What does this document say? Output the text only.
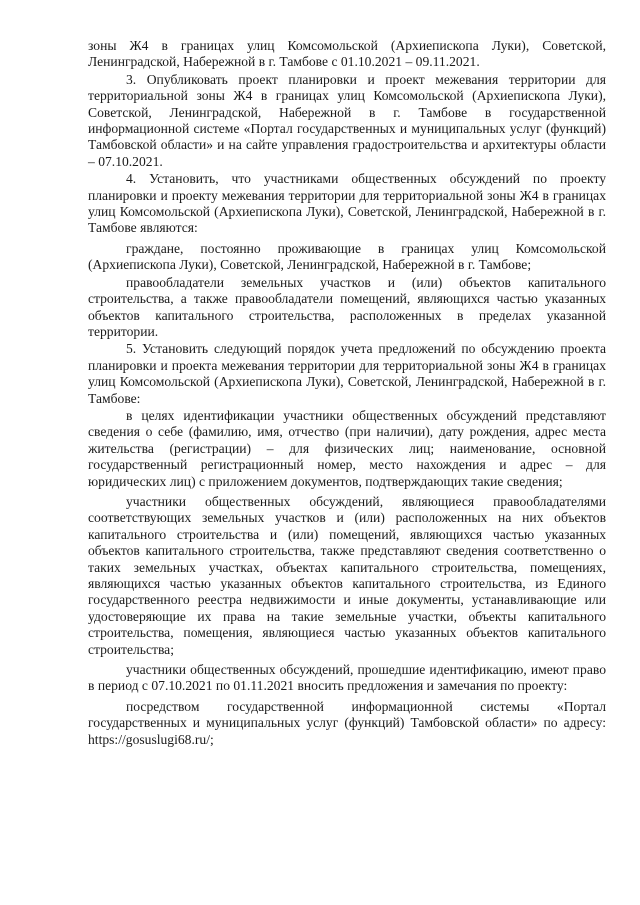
зоны Ж4 в границах улиц Комсомольской (Архиепископа Луки), Советской, Ленинградской, Набережной в г. Тамбове с 01.10.2021 – 09.11.2021.

3. Опубликовать проект планировки и проект межевания территории для территориальной зоны Ж4 в границах улиц Комсомольской (Архиепископа Луки), Советской, Ленинградской, Набережной в г. Тамбове в государственной информационной системе «Портал государственных и муниципальных услуг (функций) Тамбовской области» и на сайте управления градостроительства и архитектуры области – 07.10.2021.

4. Установить, что участниками общественных обсуждений по проекту планировки и проекту межевания территории для территориальной зоны Ж4 в границах улиц Комсомольской (Архиепископа Луки), Советской, Ленинградской, Набережной в г. Тамбове являются:

граждане, постоянно проживающие в границах улиц Комсомольской (Архиепископа Луки), Советской, Ленинградской, Набережной в г. Тамбове;

правообладатели земельных участков и (или) объектов капитального строительства, а также правообладатели помещений, являющихся частью указанных объектов капитального строительства, расположенных в пределах указанной территории.

5. Установить следующий порядок учета предложений по обсуждению проекта планировки и проекта межевания территории для территориальной зоны Ж4 в границах улиц Комсомольской (Архиепископа Луки), Советской, Ленинградской, Набережной в г. Тамбове:

в целях идентификации участники общественных обсуждений представляют сведения о себе (фамилию, имя, отчество (при наличии), дату рождения, адрес места жительства (регистрации) – для физических лиц; наименование, основной государственный регистрационный номер, место нахождения и адрес – для юридических лиц) с приложением документов, подтверждающих такие сведения;

участники общественных обсуждений, являющиеся правообладателями соответствующих земельных участков и (или) расположенных на них объектов капитального строительства и (или) помещений, являющихся частью указанных объектов капитального строительства, также представляют сведения соответственно о таких земельных участках, объектах капитального строительства, помещениях, являющихся частью указанных объектов капитального строительства, из Единого государственного реестра недвижимости и иные документы, устанавливающие или удостоверяющие их права на такие земельные участки, объекты капитального строительства, помещения, являющиеся частью указанных объектов капитального строительства;

участники общественных обсуждений, прошедшие идентификацию, имеют право в период с 07.10.2021 по 01.11.2021 вносить предложения и замечания по проекту:

посредством государственной информационной системы «Портал государственных и муниципальных услуг (функций) Тамбовской области» по адресу: https://gosuslugi68.ru/;
